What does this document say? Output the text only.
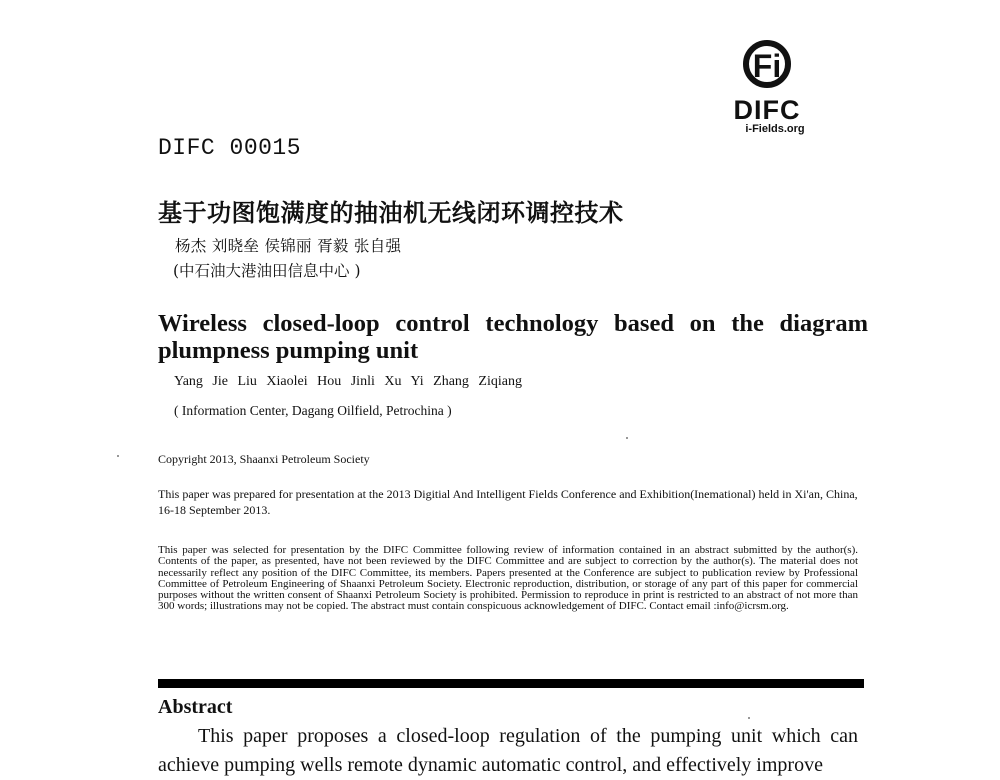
Fi
DIFC
i-Fields.org
DIFC 00015
基于功图饱满度的抽油机无线闭环调控技术
杨杰 刘晓垒 侯锦丽 胥毅 张自强
(中石油大港油田信息中心 )
Wireless closed-loop control technology based on the diagram plumpness pumping unit
Yang Jie Liu Xiaolei Hou Jinli Xu Yi Zhang Ziqiang
( Information Center, Dagang Oilfield, Petrochina )
Copyright 2013, Shaanxi Petroleum Society
This paper was prepared for presentation at the 2013 Digitial And Intelligent Fields Conference and Exhibition(Inemational) held in Xi'an, China, 16-18 September 2013.
This paper was selected for presentation by the DIFC Committee following review of information contained in an abstract submitted by the author(s). Contents of the paper, as presented, have not been reviewed by the DIFC Committee and are subject to correction by the author(s). The material does not necessarily reflect any position of the DIFC Committee, its members. Papers presented at the Conference are subject to publication review by Professional Committee of Petroleum Engineering of Shaanxi Petroleum Society. Electronic reproduction, distribution, or storage of any part of this paper for commercial purposes without the written consent of Shaanxi Petroleum Society is prohibited. Permission to reproduce in print is restricted to an abstract of not more than 300 words; illustrations may not be copied. The abstract must contain conspicuous acknowledgement of DIFC. Contact email :info@icrsm.org.
Abstract
This paper proposes a closed-loop regulation of the pumping unit which can achieve pumping wells remote dynamic automatic control, and effectively improve
